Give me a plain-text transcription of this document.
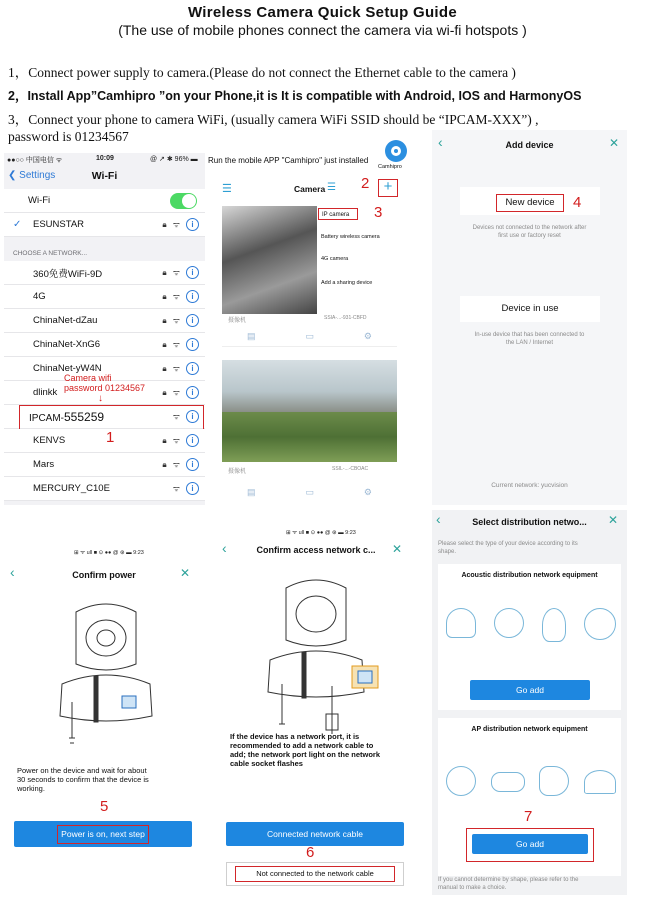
Wireless Camera Quick Setup Guide
(The use of mobile phones connect the camera via wi-fi hotspots )
1，Connect power supply to camera.(Please do not connect the Ethernet cable to the camera )
2，Install App”Camhipro ”on your Phone,it is It is compatible with Android, IOS and HarmonyOS
3，Connect your phone to camera WiFi, (usually camera WiFi SSID should be “IPCAM-XXX”) ,
password is 01234567
●●○○ 中国电信 ᯤ	10:09	@ ↗ ✱ 96% ▬
❮ Settings	Wi-Fi
Wi-Fi
✓ ESUNSTAR	🔒︎ ᯤ	i
CHOOSE A NETWORK...
360免费WiFi-9D	🔒︎ ᯤ	i
4G	🔒︎ ᯤ	i
ChinaNet-dZau	🔒︎ ᯤ	i
ChinaNet-XnG6	🔒︎ ᯤ	i
ChinaNet-yW4N	🔒︎ ᯤ	i
dlinkk	🔒︎ ᯤ	i
IPCAM-555259	ᯤ	i
KENVS	🔒︎ ᯤ	i
Mars	🔒︎ ᯤ	i
MERCURY_C10E	ᯤ	i
Camera wifi
password 01234567
↓
1
Run the mobile APP "Camhipro" just installed
Camhipro
☰	Camera ☰ 2 +
IP camera	3
Battery wireless camera
4G camera
Add a sharing device
摄像机	SSIA-...-931-CBFD
▤	▭	⚙
摄像机	SSIL-...-CBOAC
▤	▭	⚙
‹	Add device	✕
New device	4
Devices not connected to the network after
first use or factory reset
Device in use
In-use device that has been connected to
the LAN / Internet
Current network: yucvision
⊞ ᯤ ull ■ ⊙ ●● @ ⊛ ▬ 9:23
‹	Confirm power	✕
Power on the device and wait for about
30 seconds to confirm that the device is
working.
5
Power is on, next step
⊞ ᯤ ull ■ ⊙ ●● @ ⊛ ▬ 9:23
‹	Confirm access network c...	✕
If the device has a network port, it is
recommended to add a network cable to
add; the network port light on the network
cable socket flashes
Connected network cable
6
Not connected to the network cable
‹	Select distribution netwo...	✕
Please select the type of your device according to its
shape.
Acoustic distribution network equipment
Go add
AP distribution network equipment
7
Go add
If you cannot determine by shape, please refer to the
manual to make a choice.
